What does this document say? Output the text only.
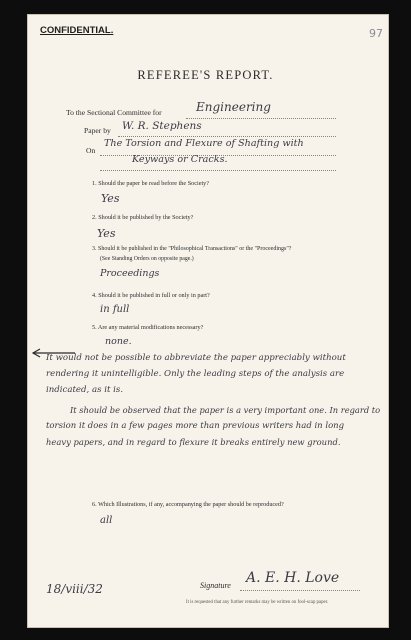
97
CONFIDENTIAL.
REFEREE'S REPORT.
To the Sectional Committee for	Engineering
Paper by W. R. Stephens
On
The Torsion and Flexure of Shafting with
Keyways or Cracks.
1. Should the paper be read before the Society?
Yes
2. Should it be published by the Society?
Yes
3. Should it be published in the "Philosophical Transactions" or the "Proceedings"?
(See Standing Orders on opposite page.)
Proceedings
4. Should it be published in full or only in part?
in full
5. Are any material modifications necessary?
none.
It would not be possible to abbreviate the paper appreciably without
rendering it unintelligible. Only the leading steps of the analysis are
indicated, as it is.
It should be observed that the paper is a very important one. In regard to
torsion it does in a few pages more than previous writers had in long
heavy papers, and in regard to flexure it breaks entirely new ground.
6. Which Illustrations, if any, accompanying the paper should be reproduced?
all
18/viii/32	Signature A. E. H. Love
It is requested that any further remarks may be written on fool-scap paper.
